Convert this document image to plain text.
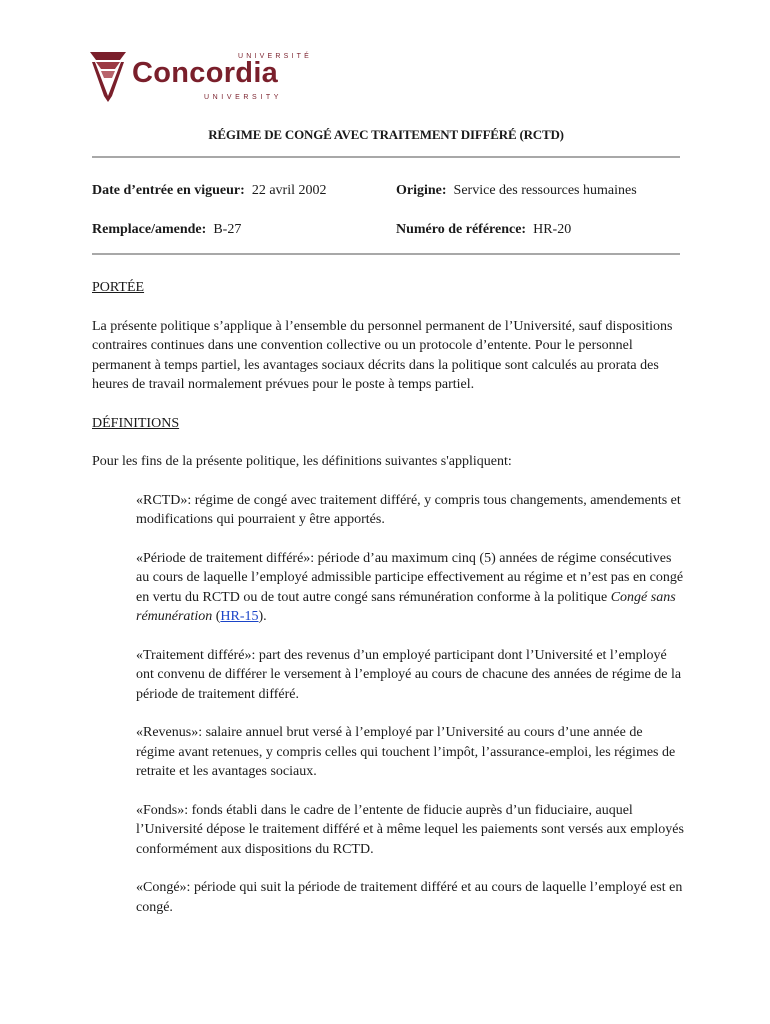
UNIVERSITÉ
Concordia
UNIVERSITY
RÉGIME DE CONGÉ AVEC TRAITEMENT DIFFÉRÉ (RCTD)
Date d’entrée en vigueur: 22 avril 2002	Origine: Service des ressources humaines
Remplace/amende: B-27	Numéro de référence: HR-20
PORTÉE
La présente politique s’applique à l’ensemble du personnel permanent de l’Université, sauf dispositions contraires continues dans une convention collective ou un protocole d’entente. Pour le personnel permanent à temps partiel, les avantages sociaux décrits dans la politique sont calculés au prorata des heures de travail normalement prévues pour le poste à temps partiel.
DÉFINITIONS
Pour les fins de la présente politique, les définitions suivantes s'appliquent:
«RCTD»: régime de congé avec traitement différé, y compris tous changements, amendements et modifications qui pourraient y être apportés.
«Période de traitement différé»: période d’au maximum cinq (5) années de régime consécutives au cours de laquelle l’employé admissible participe effectivement au régime et n’est pas en congé en vertu du RCTD ou de tout autre congé sans rémunération conforme à la politique Congé sans rémunération (HR-15).
«Traitement différé»: part des revenus d’un employé participant dont l’Université et l’employé ont convenu de différer le versement à l’employé au cours de chacune des années de régime de la période de traitement différé.
«Revenus»: salaire annuel brut versé à l’employé par l’Université au cours d’une année de régime avant retenues, y compris celles qui touchent l’impôt, l’assurance-emploi, les régimes de retraite et les avantages sociaux.
«Fonds»: fonds établi dans le cadre de l’entente de fiducie auprès d’un fiduciaire, auquel l’Université dépose le traitement différé et à même lequel les paiements sont versés aux employés conformément aux dispositions du RCTD.
«Congé»: période qui suit la période de traitement différé et au cours de laquelle l’employé est en congé.
